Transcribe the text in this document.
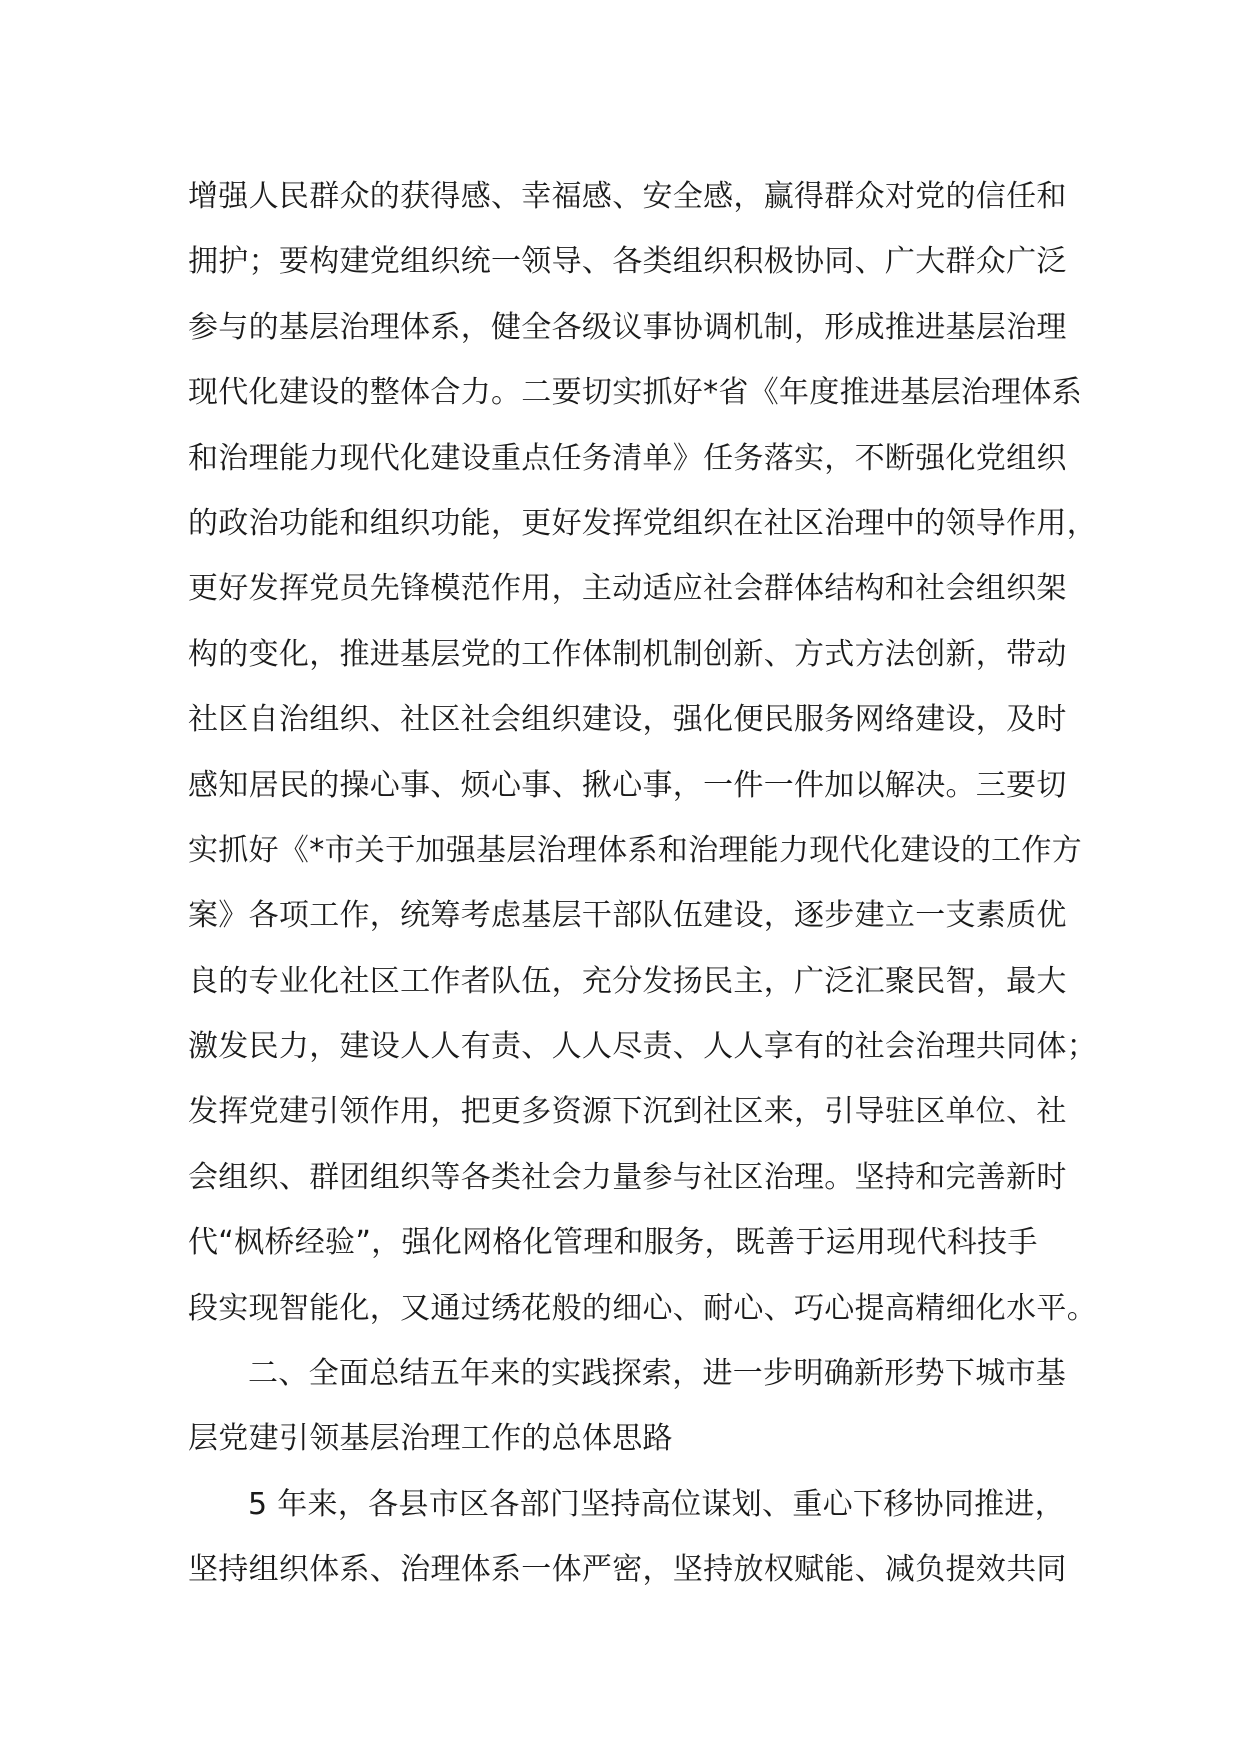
增强人民群众的获得感、幸福感、安全感，赢得群众对党的信任和
拥护；要构建党组织统一领导、各类组织积极协同、广大群众广泛
参与的基层治理体系，健全各级议事协调机制，形成推进基层治理
现代化建设的整体合力。二要切实抓好*省《年度推进基层治理体系
和治理能力现代化建设重点任务清单》任务落实，不断强化党组织
的政治功能和组织功能，更好发挥党组织在社区治理中的领导作用，
更好发挥党员先锋模范作用，主动适应社会群体结构和社会组织架
构的变化，推进基层党的工作体制机制创新、方式方法创新，带动
社区自治组织、社区社会组织建设，强化便民服务网络建设，及时
感知居民的操心事、烦心事、揪心事，一件一件加以解决。三要切
实抓好《*市关于加强基层治理体系和治理能力现代化建设的工作方
案》各项工作，统筹考虑基层干部队伍建设，逐步建立一支素质优
良的专业化社区工作者队伍，充分发扬民主，广泛汇聚民智，最大
激发民力，建设人人有责、人人尽责、人人享有的社会治理共同体；
发挥党建引领作用，把更多资源下沉到社区来，引导驻区单位、社
会组织、群团组织等各类社会力量参与社区治理。坚持和完善新时
代“枫桥经验”，强化网格化管理和服务，既善于运用现代科技手
段实现智能化，又通过绣花般的细心、耐心、巧心提高精细化水平。
二、全面总结五年来的实践探索，进一步明确新形势下城市基
层党建引领基层治理工作的总体思路
5 年来，各县市区各部门坚持高位谋划、重心下移协同推进，
坚持组织体系、治理体系一体严密，坚持放权赋能、减负提效共同
